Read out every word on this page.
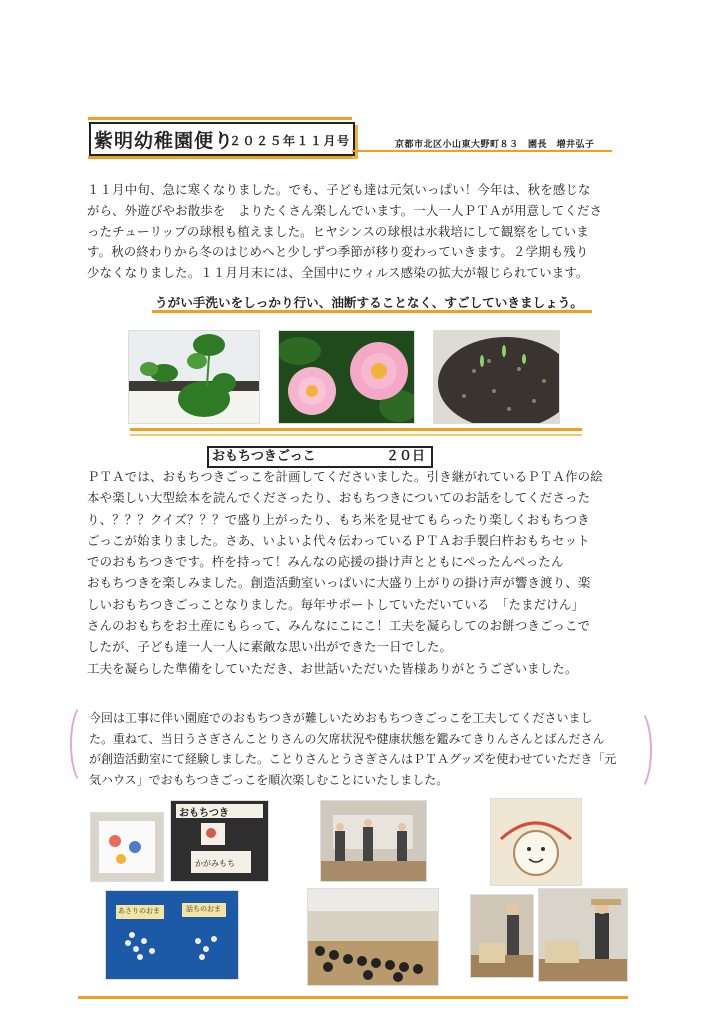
紫明幼稚園便り
２０２５年１１月号	京都市北区小山東大野町８３　園長　増井弘子
１１月中旬、急に寒くなりました。でも、子ども達は元気いっぱい！今年は、秋を感じな
がら、外遊びやお散歩を　よりたくさん楽しんでいます。一人一人ＰＴＡが用意してくださ
ったチューリップの球根も植えました。ヒヤシンスの球根は水栽培にして観察をしていま
す。秋の終わりから冬のはじめへと少しずつ季節が移り変わっていきます。２学期も残り
少なくなりました。１１月月末には、全国中にウィルス感染の拡大が報じられています。
うがい手洗いをしっかり行い、油断することなく、すごしていきましょう。
おもちつきごっこ	２０日
ＰＴＡでは、おもちつきごっこを計画してくださいました。引き継がれているＰＴＡ作の絵
本や楽しい大型絵本を読んでくださったり、おもちつきについてのお話をしてくださった
り、？？？クイズ？？？で盛り上がったり、もち米を見せてもらったり楽しくおもちつき
ごっこが始まりました。さあ、いよいよ代々伝わっているＰＴＡお手製臼杵おもちセット
でのおもちつきです。杵を持って！みんなの応援の掛け声とともにぺったんぺったん
おもちつきを楽しみました。創造活動室いっぱいに大盛り上がりの掛け声が響き渡り、楽
しいおもちつきごっことなりました。毎年サポートしていただいている　「たまだけん」
さんのおもちをお土産にもらって、みんなにこにこ！工夫を凝らしてのお餅つきごっこで
したが、子ども達一人一人に素敵な思い出ができた一日でした。
工夫を凝らした準備をしていただき、お世話いただいた皆様ありがとうございました。
今回は工事に伴い園庭でのおもちつきが難しいためおもちつきごっこを工夫してくださいまし
た。重ねて、当日うさぎさんことりさんの欠席状況や健康状態を鑑みてきりんさんとばんださん
が創造活動室にて経験しました。ことりさんとうさぎさんはＰＴＡグッズを使わせていただき「元
気ハウス」でおもちつきごっこを順次楽しむことにいたしました。
おもちつき
かがみもち
あさりのおま	話ちのおま
